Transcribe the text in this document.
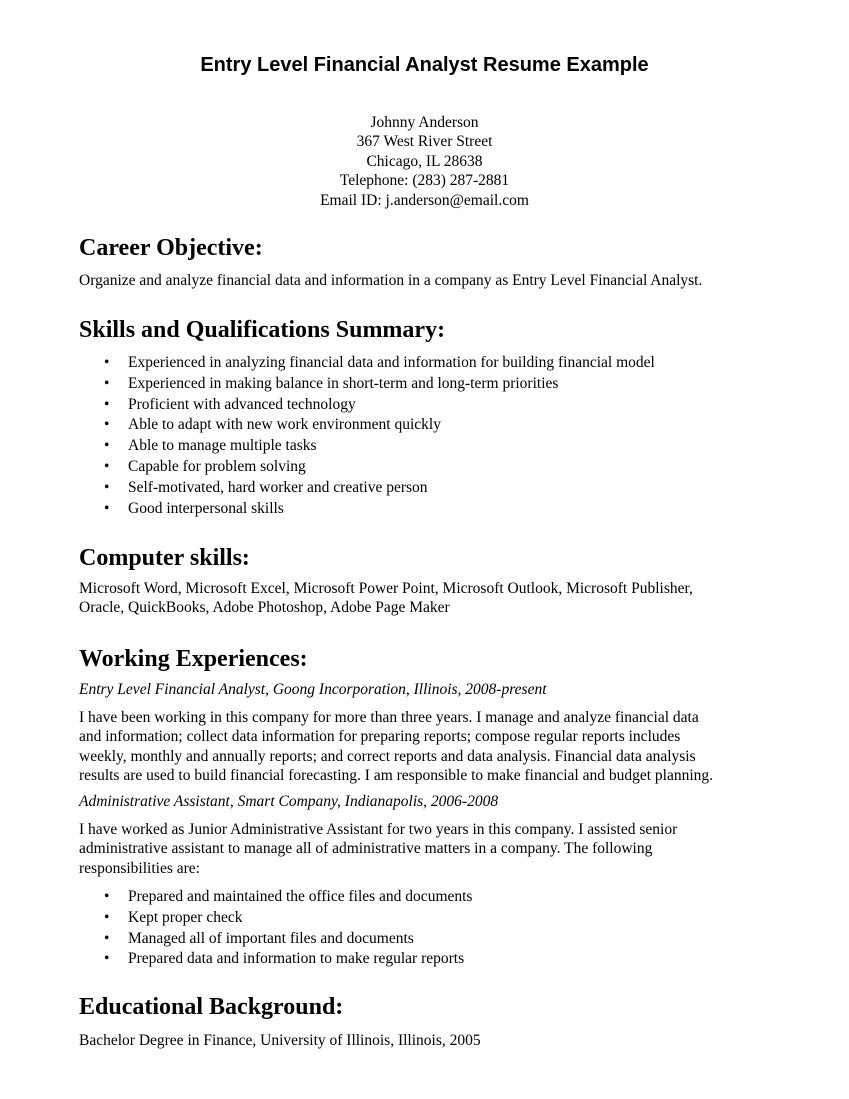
Entry Level Financial Analyst Resume Example
Johnny Anderson
367 West River Street
Chicago, IL 28638
Telephone: (283) 287-2881
Email ID: j.anderson@email.com
Career Objective:
Organize and analyze financial data and information in a company as Entry Level Financial Analyst.
Skills and Qualifications Summary:
• Experienced in analyzing financial data and information for building financial model
• Experienced in making balance in short-term and long-term priorities
• Proficient with advanced technology
• Able to adapt with new work environment quickly
• Able to manage multiple tasks
• Capable for problem solving
• Self-motivated, hard worker and creative person
• Good interpersonal skills
Computer skills:
Microsoft Word, Microsoft Excel, Microsoft Power Point, Microsoft Outlook, Microsoft Publisher,
Oracle, QuickBooks, Adobe Photoshop, Adobe Page Maker
Working Experiences:
Entry Level Financial Analyst, Goong Incorporation, Illinois, 2008-present
I have been working in this company for more than three years. I manage and analyze financial data
and information; collect data information for preparing reports; compose regular reports includes
weekly, monthly and annually reports; and correct reports and data analysis. Financial data analysis
results are used to build financial forecasting. I am responsible to make financial and budget planning.
Administrative Assistant, Smart Company, Indianapolis, 2006-2008
I have worked as Junior Administrative Assistant for two years in this company. I assisted senior
administrative assistant to manage all of administrative matters in a company. The following
responsibilities are:
• Prepared and maintained the office files and documents
• Kept proper check
• Managed all of important files and documents
• Prepared data and information to make regular reports
Educational Background:
Bachelor Degree in Finance, University of Illinois, Illinois, 2005
